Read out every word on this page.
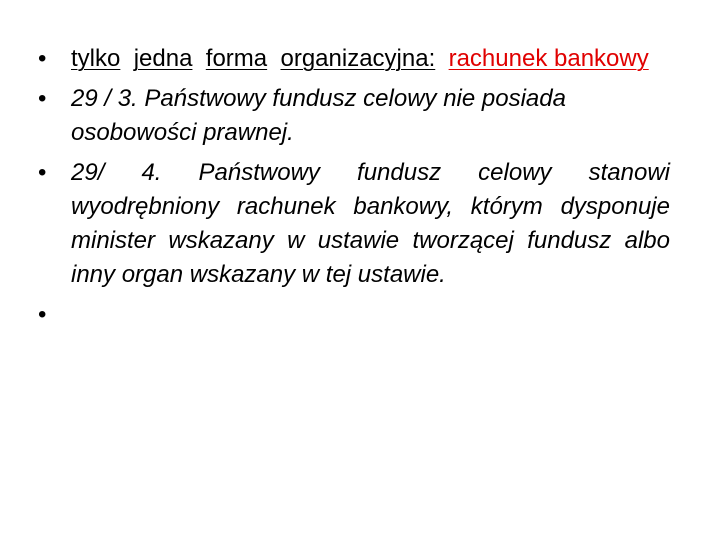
•	tylko jedna forma organizacyjna: rachunek bankowy
•	29 / 3. Państwowy fundusz celowy nie posiada osobowości prawnej.
•	29/ 4. Państwowy fundusz celowy stanowi wyodrębniony rachunek bankowy, którym dysponuje minister wskazany w ustawie tworzącej fundusz albo inny organ wskazany w tej ustawie.
•
